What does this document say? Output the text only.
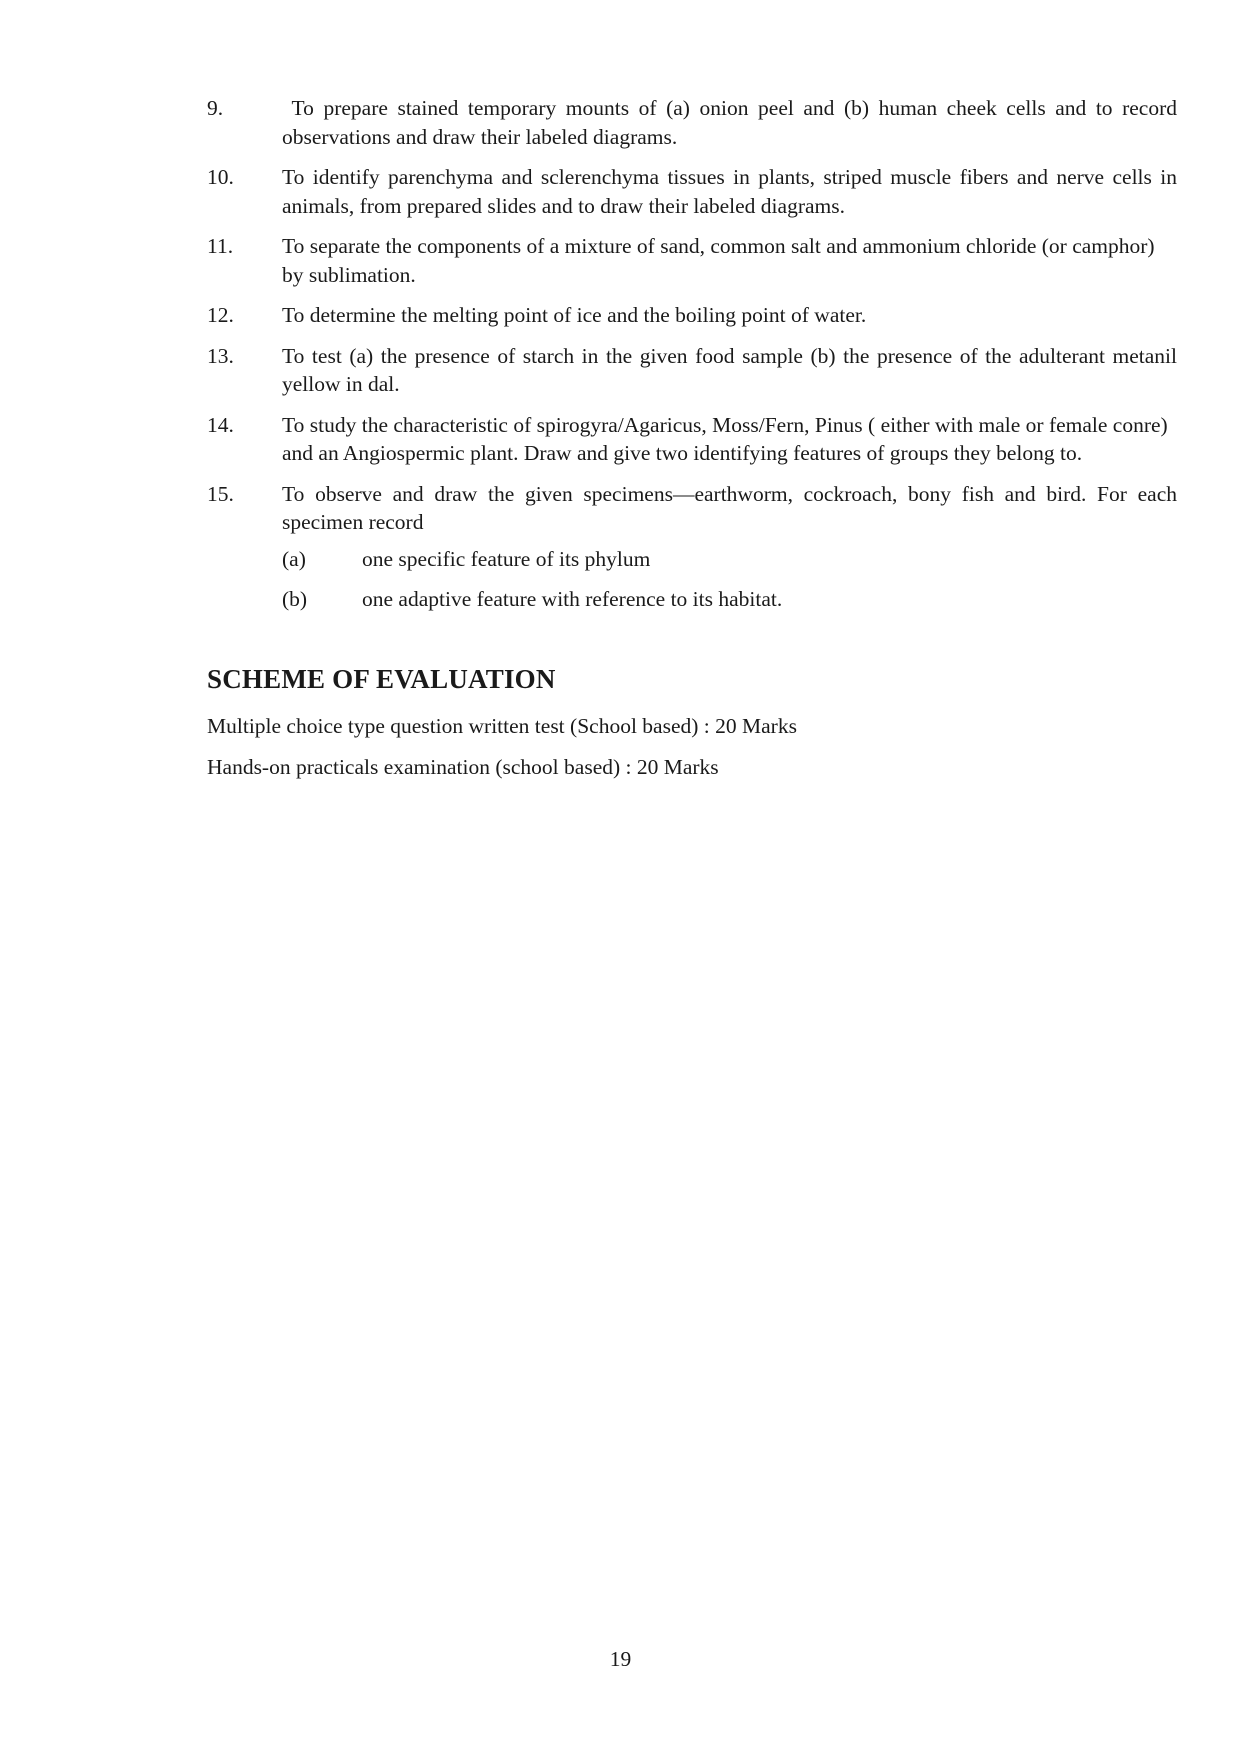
9.	To prepare stained temporary mounts of (a) onion peel and (b) human cheek cells and to record observations and draw their labeled diagrams.
10.	To identify parenchyma and sclerenchyma tissues in plants, striped muscle fibers and nerve cells in animals, from prepared slides and to draw their labeled diagrams.
11.	To separate the components of a mixture of sand, common salt and ammonium chloride (or camphor) by sublimation.
12.	To determine the melting point of ice and the boiling point of water.
13.	To test (a) the presence of starch in the given food sample (b) the presence of the adulterant metanil yellow in dal.
14.	To study the characteristic of spirogyra/Agaricus, Moss/Fern, Pinus ( either with male or female conre) and an Angiospermic plant. Draw and give two identifying features of groups they belong to.
15.	To observe and draw the given specimens—earthworm, cockroach, bony fish and bird. For each specimen record
(a)	one specific feature of its phylum
(b)	one adaptive feature with reference to its habitat.
SCHEME OF EVALUATION

Multiple choice type question written test (School based) : 20 Marks

Hands-on practicals examination (school based) : 20 Marks

19
